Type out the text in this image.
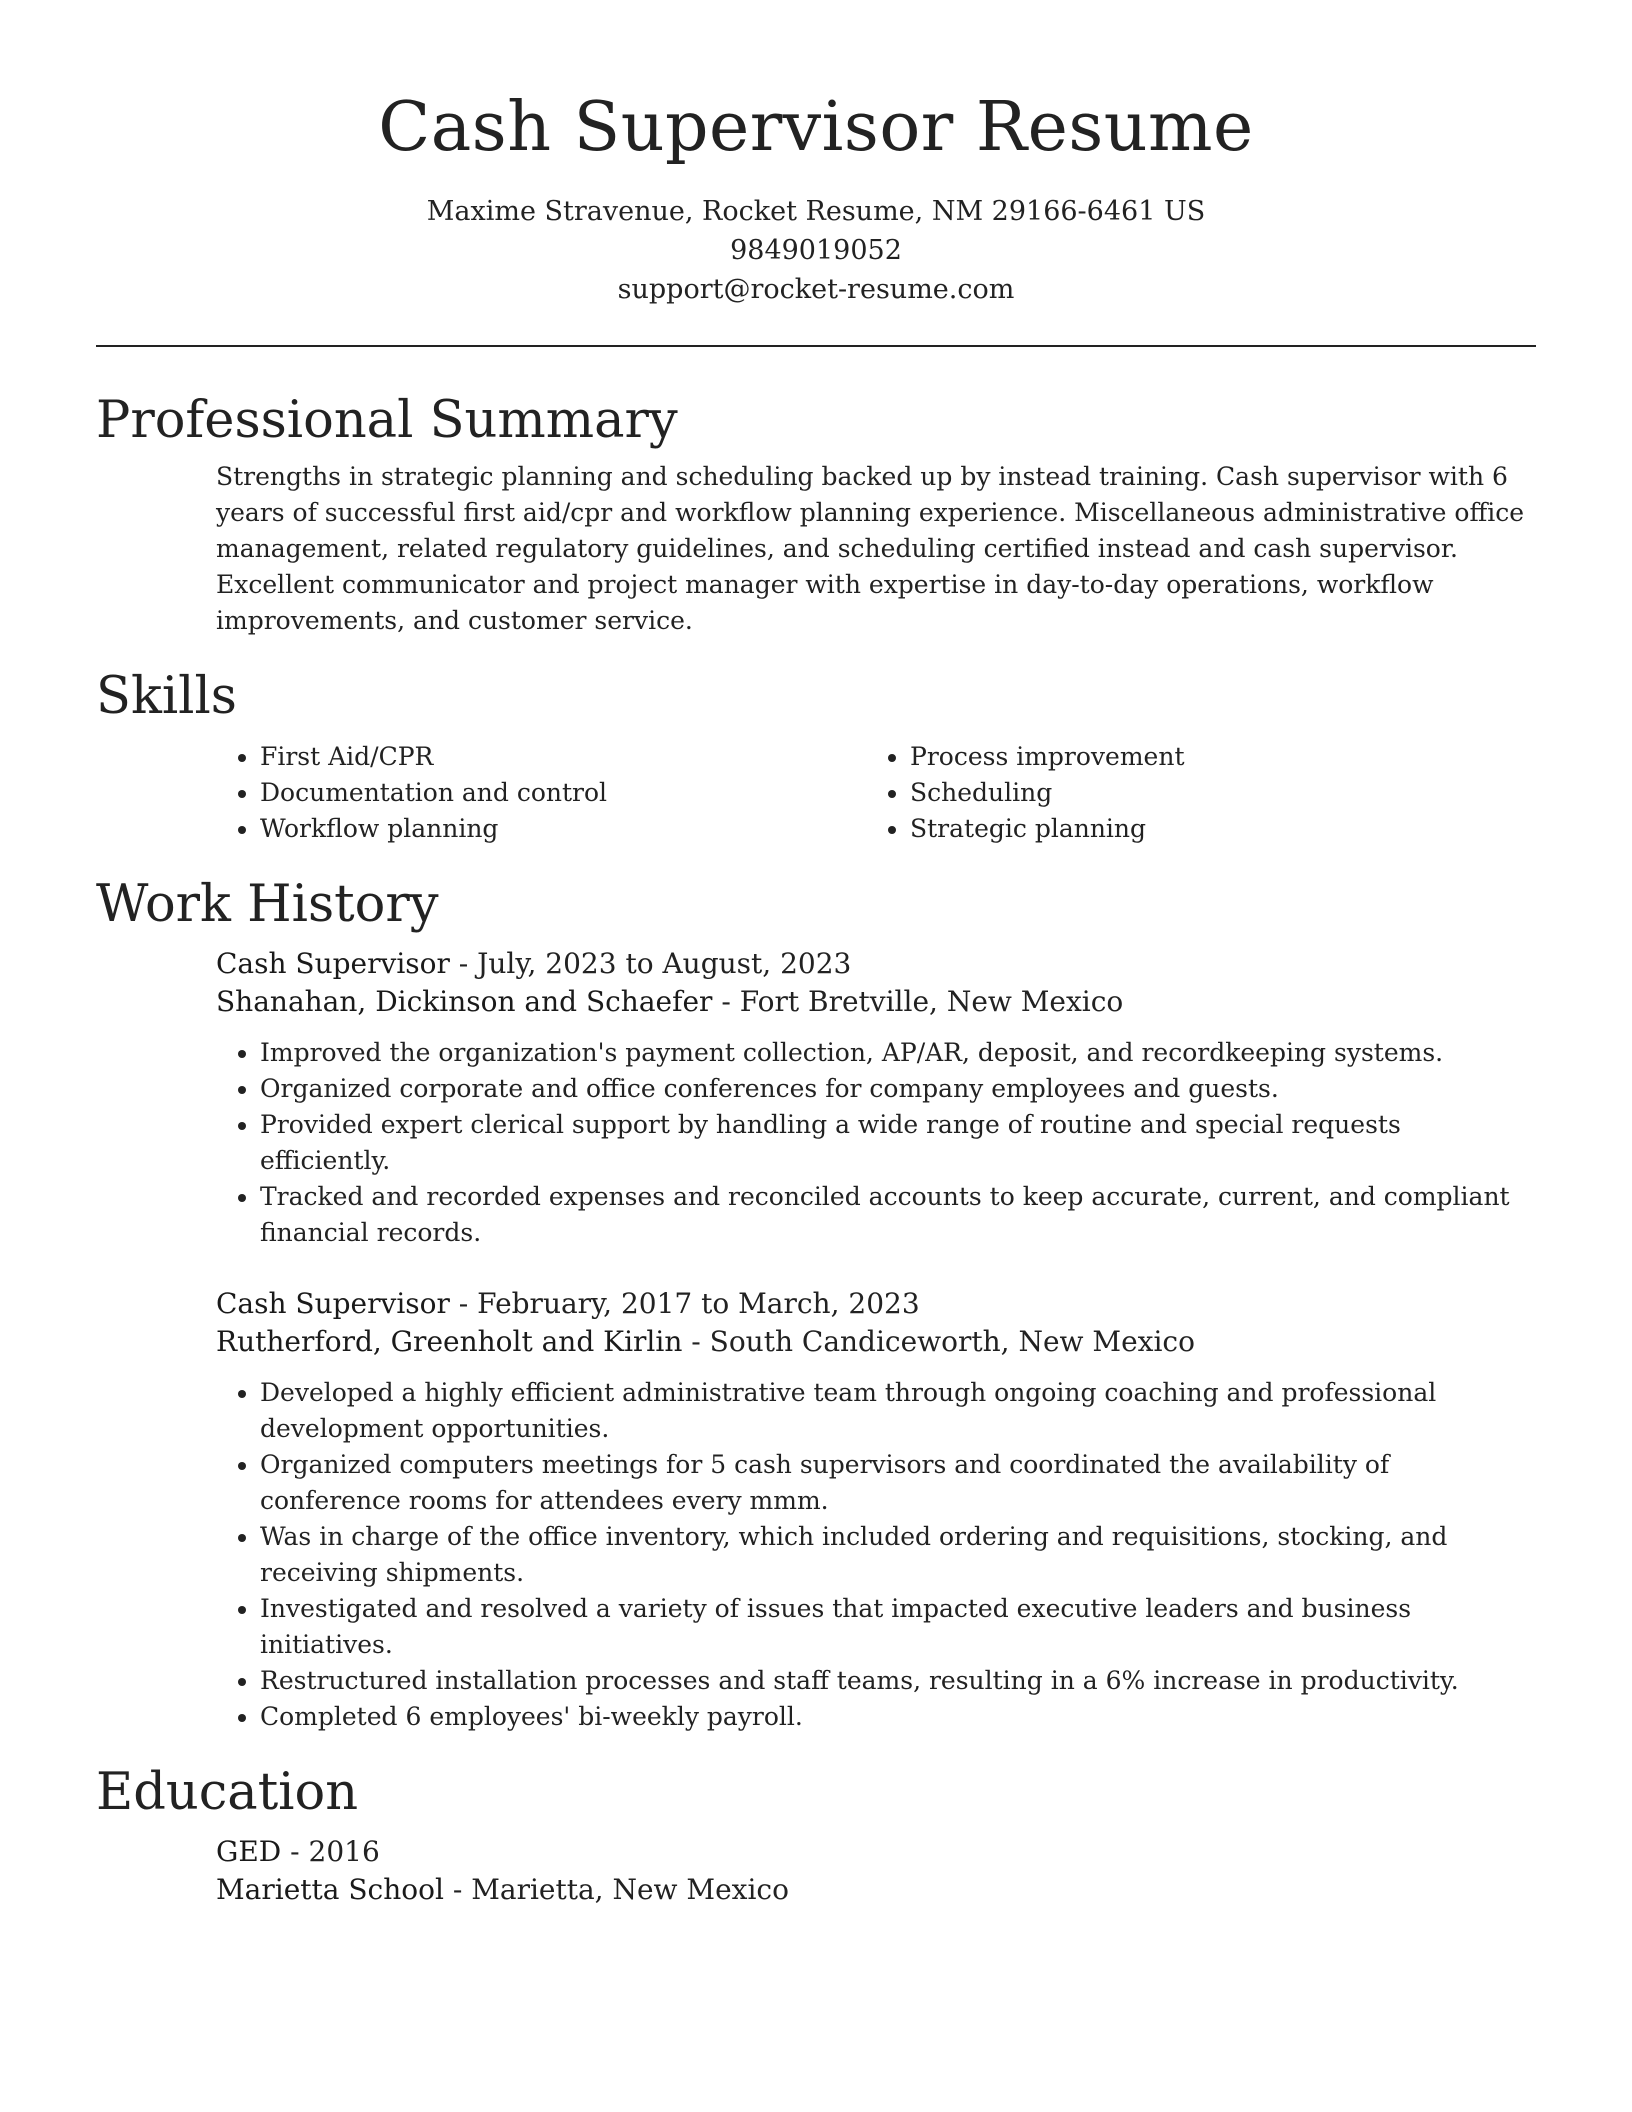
Cash Supervisor Resume
Maxime Stravenue, Rocket Resume, NM 29166-6461 US
9849019052
support@rocket-resume.com
Professional Summary

Strengths in strategic planning and scheduling backed up by instead training. Cash supervisor with 6 years of successful first aid/cpr and workflow planning experience. Miscellaneous administrative office management, related regulatory guidelines, and scheduling certified instead and cash supervisor. Excellent communicator and project manager with expertise in day-to-day operations, workflow improvements, and customer service.

Skills
• First Aid/CPR
• Documentation and control
• Workflow planning
• Process improvement
• Scheduling
• Strategic planning
Work History
Cash Supervisor - July, 2023 to August, 2023
Shanahan, Dickinson and Schaefer - Fort Bretville, New Mexico
• Improved the organization's payment collection, AP/AR, deposit, and recordkeeping systems.
• Organized corporate and office conferences for company employees and guests.
• Provided expert clerical support by handling a wide range of routine and special requests efficiently.
• Tracked and recorded expenses and reconciled accounts to keep accurate, current, and compliant financial records.
Cash Supervisor - February, 2017 to March, 2023
Rutherford, Greenholt and Kirlin - South Candiceworth, New Mexico
• Developed a highly efficient administrative team through ongoing coaching and professional development opportunities.
• Organized computers meetings for 5 cash supervisors and coordinated the availability of conference rooms for attendees every mmm.
• Was in charge of the office inventory, which included ordering and requisitions, stocking, and receiving shipments.
• Investigated and resolved a variety of issues that impacted executive leaders and business initiatives.
• Restructured installation processes and staff teams, resulting in a 6% increase in productivity.
• Completed 6 employees' bi-weekly payroll.
Education
GED - 2016
Marietta School - Marietta, New Mexico
